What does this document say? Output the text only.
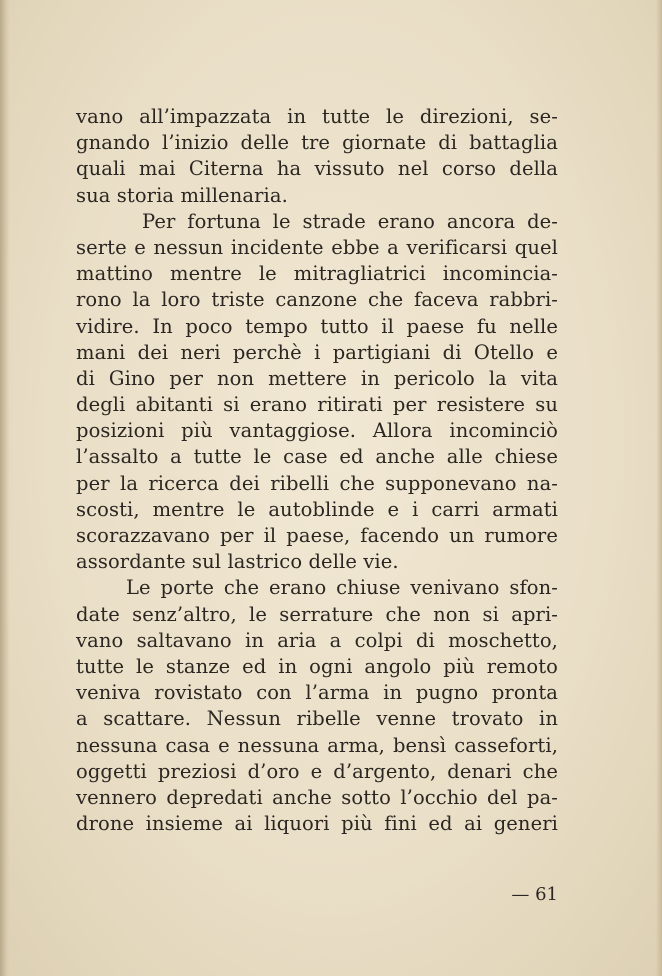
vano all’impazzata in tutte le direzioni, se-
gnando l’inizio delle tre giornate di battaglia
quali mai Citerna ha vissuto nel corso della
sua storia millenaria.
Per fortuna le strade erano ancora de-
serte e nessun incidente ebbe a verificarsi quel
mattino mentre le mitragliatrici incomincia-
rono la loro triste canzone che faceva rabbri-
vidire. In poco tempo tutto il paese fu nelle
mani dei neri perchè i partigiani di Otello e
di Gino per non mettere in pericolo la vita
degli abitanti si erano ritirati per resistere su
posizioni più vantaggiose. Allora incominciò
l’assalto a tutte le case ed anche alle chiese
per la ricerca dei ribelli che supponevano na-
scosti, mentre le autoblinde e i carri armati
scorazzavano per il paese, facendo un rumore
assordante sul lastrico delle vie.
Le porte che erano chiuse venivano sfon-
date senz’altro, le serrature che non si apri-
vano saltavano in aria a colpi di moschetto,
tutte le stanze ed in ogni angolo più remoto
veniva rovistato con l’arma in pugno pronta
a scattare. Nessun ribelle venne trovato in
nessuna casa e nessuna arma, bensì casseforti,
oggetti preziosi d’oro e d’argento, denari che
vennero depredati anche sotto l’occhio del pa-
drone insieme ai liquori più fini ed ai generi
— 61
